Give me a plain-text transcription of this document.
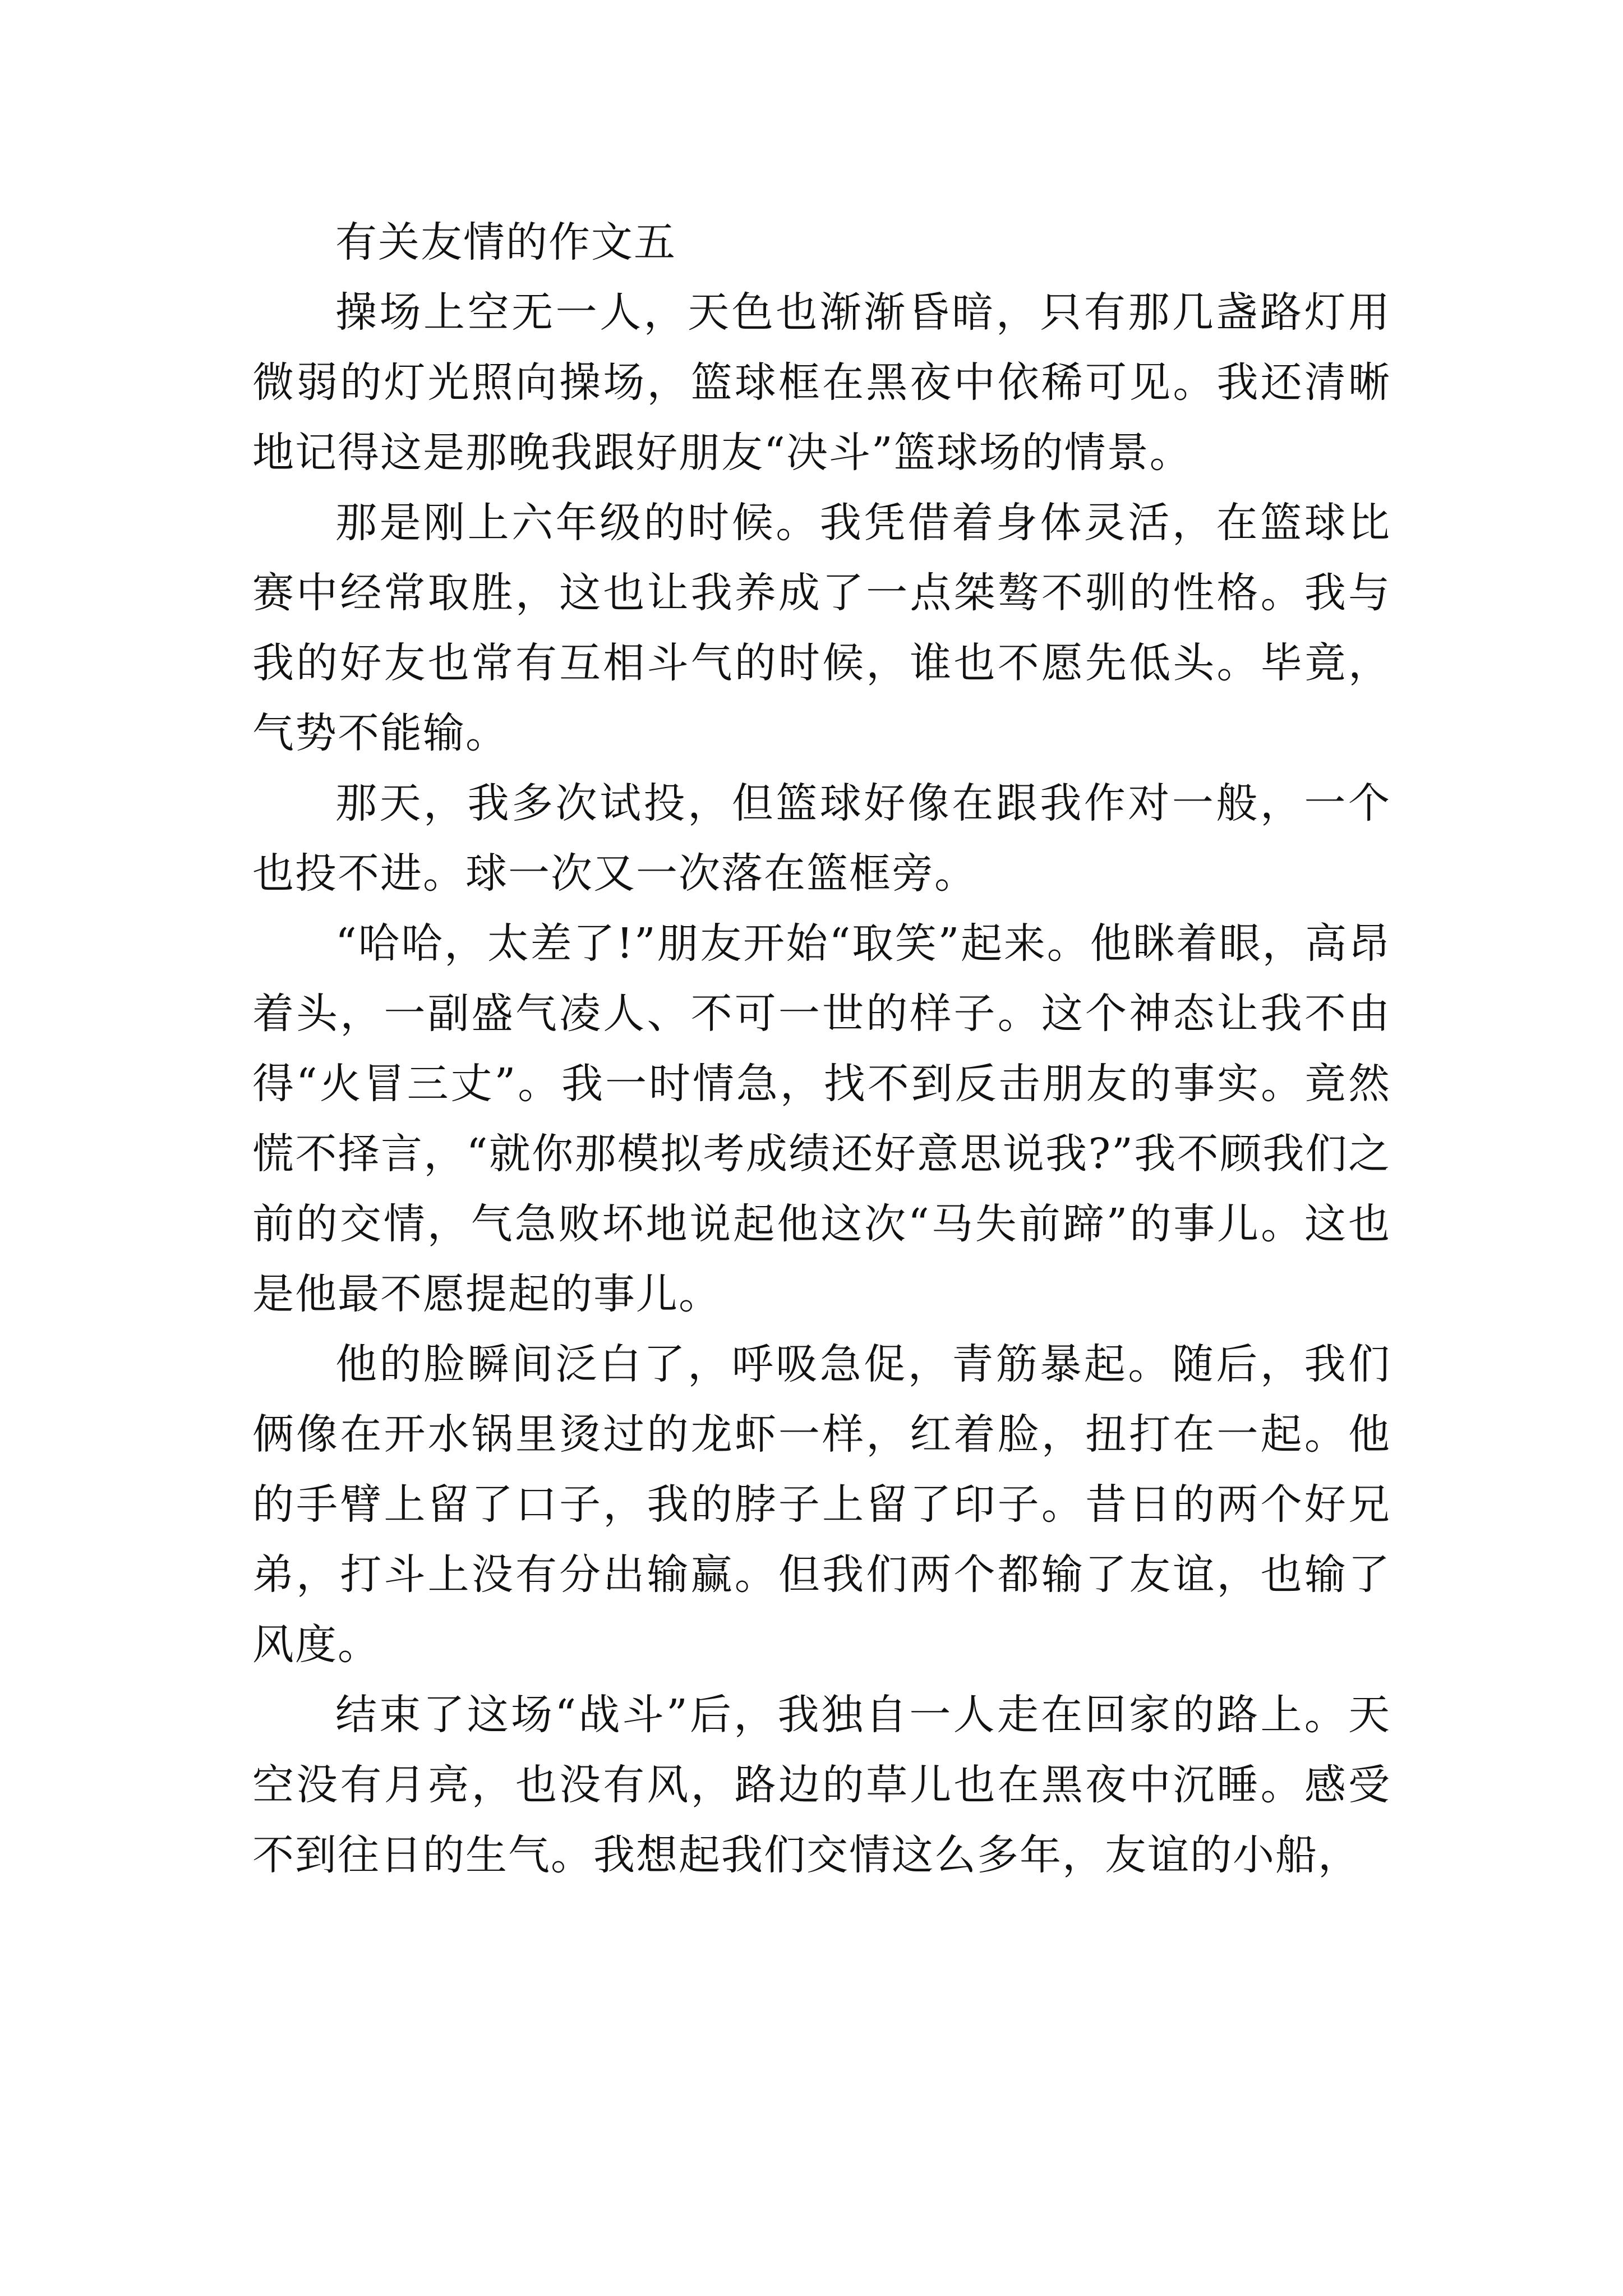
有关友情的作文五

操场上空无一人，天色也渐渐昏暗，只有那几盏路灯用微弱的灯光照向操场，篮球框在黑夜中依稀可见。我还清晰地记得这是那晚我跟好朋友“决斗”篮球场的情景。

那是刚上六年级的时候。我凭借着身体灵活，在篮球比赛中经常取胜，这也让我养成了一点桀骜不驯的性格。我与我的好友也常有互相斗气的时候，谁也不愿先低头。毕竟，气势不能输。

那天，我多次试投，但篮球好像在跟我作对一般，一个也投不进。球一次又一次落在篮框旁。

“哈哈，太差了!”朋友开始“取笑”起来。他眯着眼，高昂着头，一副盛气凌人、不可一世的样子。这个神态让我不由得“火冒三丈”。我一时情急，找不到反击朋友的事实。竟然慌不择言，“就你那模拟考成绩还好意思说我?”我不顾我们之前的交情，气急败坏地说起他这次“马失前蹄”的事儿。这也是他最不愿提起的事儿。

他的脸瞬间泛白了，呼吸急促，青筋暴起。随后，我们俩像在开水锅里烫过的龙虾一样，红着脸，扭打在一起。他的手臂上留了口子，我的脖子上留了印子。昔日的两个好兄弟，打斗上没有分出输赢。但我们两个都输了友谊，也输了风度。

结束了这场“战斗”后，我独自一人走在回家的路上。天空没有月亮，也没有风，路边的草儿也在黑夜中沉睡。感受不到往日的生气。我想起我们交情这么多年，友谊的小船，
